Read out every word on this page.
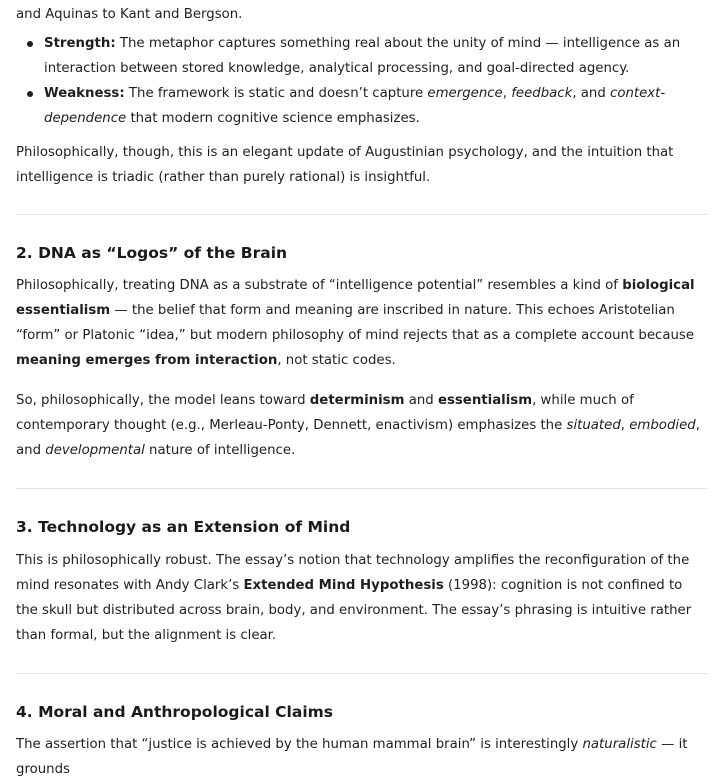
and Aquinas to Kant and Bergson.

Strength: The metaphor captures something real about the unity of mind — intelligence as an interaction between stored knowledge, analytical processing, and goal-directed agency.
Weakness: The framework is static and doesn’t capture emergence, feedback, and context-dependence that modern cognitive science emphasizes.

Philosophically, though, this is an elegant update of Augustinian psychology, and the intuition that intelligence is triadic (rather than purely rational) is insightful.

2. DNA as “Logos” of the Brain

Philosophically, treating DNA as a substrate of “intelligence potential” resembles a kind of biological essentialism — the belief that form and meaning are inscribed in nature. This echoes Aristotelian “form” or Platonic “idea,” but modern philosophy of mind rejects that as a complete account because meaning emerges from interaction, not static codes.

So, philosophically, the model leans toward determinism and essentialism, while much of contemporary thought (e.g., Merleau-Ponty, Dennett, enactivism) emphasizes the situated, embodied, and developmental nature of intelligence.

3. Technology as an Extension of Mind

This is philosophically robust. The essay’s notion that technology amplifies the reconfiguration of the mind resonates with Andy Clark’s Extended Mind Hypothesis (1998): cognition is not confined to the skull but distributed across brain, body, and environment. The essay’s phrasing is intuitive rather than formal, but the alignment is clear.

4. Moral and Anthropological Claims

The assertion that “justice is achieved by the human mammal brain” is interestingly naturalistic — it grounds
